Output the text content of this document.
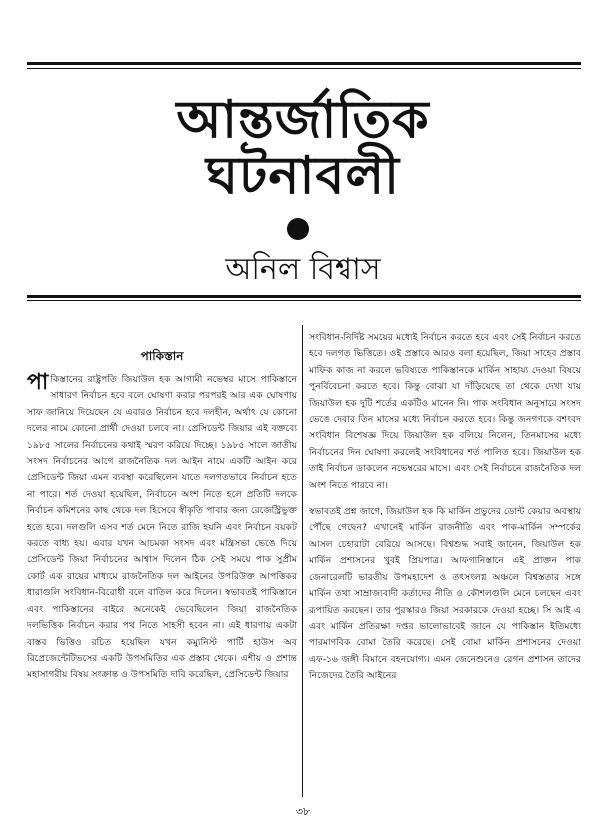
আন্তর্জাতিক
ঘটনাবলী
অনিল বিশ্বাস
পাকিস্তান

পাকিস্তানের রাষ্ট্রপতি জিয়াউল হক আগামী নভেম্বর মাসে পাকিস্তানে সাধারণ নির্বাচন হবে বলে ঘোষণা করার পরপরই আর এক ঘোষণায় সাফ জানিয়ে দিয়েছেন যে এবারও নির্বাচন হবে দলহীন, অর্থাৎ যে কোনো দলের নামে কোনো প্রার্থী দেওয়া চলবে না। প্রেসিডেন্ট জিয়ার এই বক্তব্যে ১৯৮৫ সালের নির্বাচনের কথাই স্মরণ করিয়ে দিচ্ছে। ১৯৮৫ সালে জাতীয় সংসদ নির্বাচনের আগে রাজনৈতিক দল আইন নামে একটি আইন করে প্রেসিডেন্ট জিয়া এমন ব্যবস্থা করেছিলেন যাতে দলগতভাবে নির্বাচন হতে না পারে। শর্ত দেওয়া হয়েছিল, নির্বাচনে অংশ নিতে হলে প্রতিটি দলকে নির্বাচন কমিশনের কাছ থেকে দল হিসেবে স্বীকৃতি পাবার জন্য রেজেস্ট্রিভুক্ত হতে হবে। দলগুলি এসব শর্ত মেনে নিতে রাজি হয়নি এবং নির্বাচন বয়কট করতে বাধ্য হয়। এবার যখন আচমকা সংসদ এবং মন্ত্রিসভা ভেঙে দিয়ে প্রেসিডেন্ট জিয়া নির্বাচনের আশ্বাস দিলেন ঠিক সেই সময়ে পাক সুপ্রীম কোর্ট এক রায়ের মাধ্যমে রাজনৈতিক দল আইনের উপরিউক্ত আপত্তিকর ধারাগুলি সংবিধান-বিরোধী বলে বাতিল করে দিলেন। স্বভাবতই পাকিস্তানে এবং পাকিস্তানের বাইরে অনেকেই ভেবেছিলেন জিয়া রাজনৈতিক দলভিত্তিক নির্বাচন করার পথ নিতে সাহসী হবেন না। এই ধারণায় একটা বাস্তব ভিত্তিও রচিত হয়েছিল যখন কম্যুনিস্ট পার্টি হাউস অব রিপ্রেজেন্টেটিভসের একটি উপসমিতির এক প্রস্তাব থেকে। এশীয় ও প্রশান্ত মহাসাগরীয় বিষয় সংক্রান্ত ও উপসমিতি দাবি করেছিল, প্রেসিডেন্ট জিয়ার

সংবিধান-নির্দিষ্ট সময়ের মধ্যেই নির্বাচন করতে হবে এবং সেই নির্বাচন করতে হবে দলগত ভিত্তিতে। ওই প্রস্তাবে আরও বলা হয়েছিল, জিয়া সাহেব প্রস্তাব মাফিক কাজ না করলে ভবিষ্যতে পাকিস্তানকে মার্কিন সাহায্য দেওয়া বিষয়ে পুনর্বিবেচনা করতে হবে। কিন্তু বোঝা যা দাঁড়িয়েছে তা থেকে দেখা যায় জিয়াউল হক দুটি শর্তের একটিও মানেন নি। পাক সংবিধান অনুসারে সংসদ ভেঙে দেবার তিন মাসের মধ্যে নির্বাচন করতে হবে। কিন্তু জনগণকে বশংবদ সংবিধান বিশেষজ্ঞ দিয়ে জিয়াউল হক বলিয়ে নিলেন, তিনমাসের মধ্যে নির্বাচনের দিন ঘোষণা করলেই সংবিধানের শর্ত পালিত হবে। জিয়াউল হক তাই নির্বাচন ডাকলেন নভেম্বরের মাসে। এবং সেই নির্বাচনে রাজনৈতিক দল অংশ নিতে পারবে না।

স্বভাবতই প্রশ্ন জাগে, জিয়াউল হক কি মার্কিন প্রভুদের ডোন্ট কেয়ার অবস্থায় পৌঁছে গেছেন? এখানেই মার্কিন রাজনীতি এবং পাক-মার্কিন সম্পর্কের আসল চেহারাটা বেরিয়ে আসছে। বিশ্বশুদ্ধ সবাই জানেন, জিয়াউল হক মার্কিন প্রশাসনের খুবই প্রিয়পাত্র। আফগানিস্তানে এই প্রাক্তন পাক জেনারেলটি ভারতীয় উপমহাদেশ ও তৎসংলগ্ন অঞ্চলে বিশ্বস্ততার সঙ্গে মার্কিন তথা সাম্রাজ্যবাদী কর্তাদের নীতি ও কৌশলগুলি মেনে চলছেন এবং রূপায়িত করছেন। তার পুরস্কারও জিয়া সরকারকে দেওয়া হচ্ছে। সি আই এ এবং মার্কিন প্রতিরক্ষা দপ্তর ভালোভাবেই জানে যে পাকিস্তান ইতিমধ্যে পারমাণবিক বোমা তৈরি করেছে। সেই বোমা মার্কিন প্রশাসনের দেওয়া এফ-১৬ জঙ্গী বিমানে বহনযোগ্য। এমন জেনেশুনেও রেগন প্রশাসন তাদের নিজেদের তৈরি আইনের

৩৮
